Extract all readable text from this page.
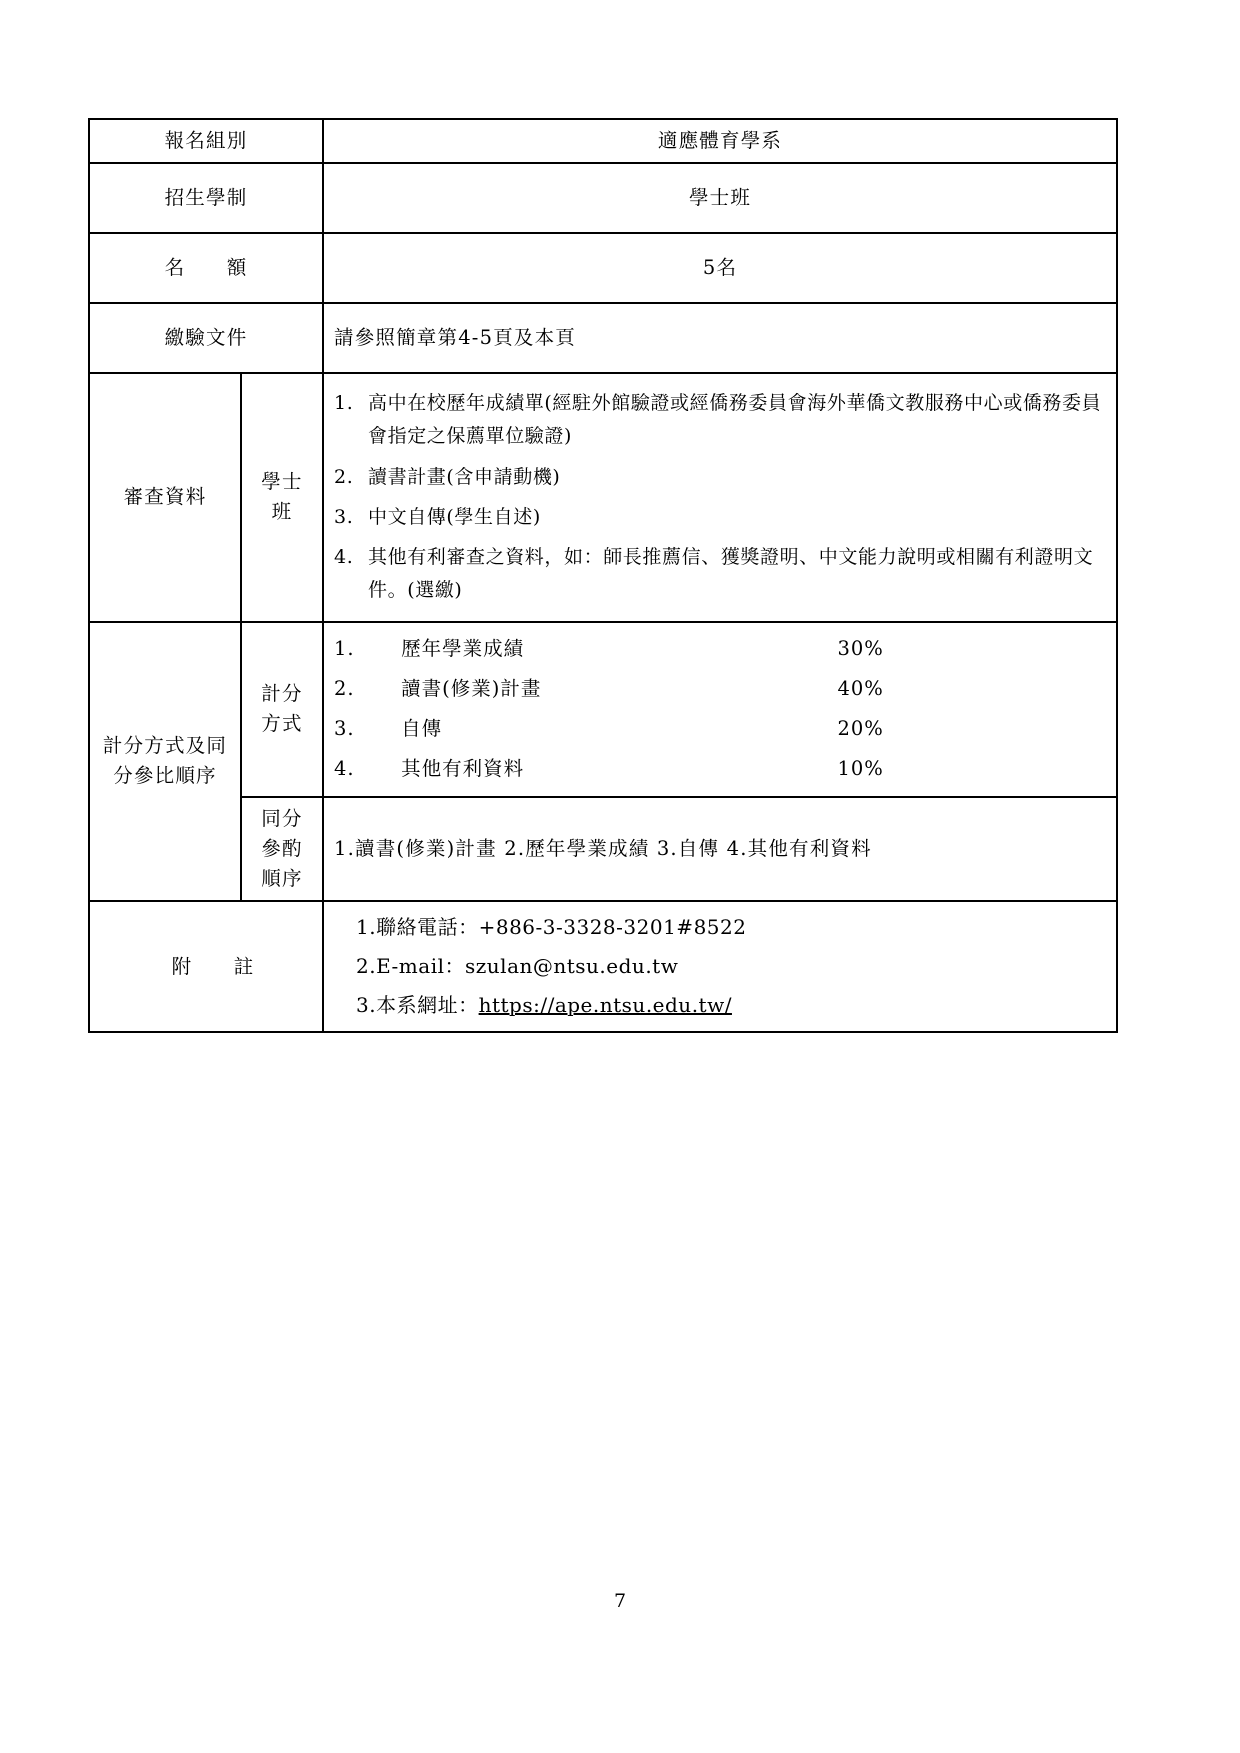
報名組別	適應體育學系
招生學制	學士班
名　　額	5名
繳驗文件	請參照簡章第4-5頁及本頁
審查資料	學士班	
1. 高中在校歷年成績單(經駐外館驗證或經僑務委員會海外華僑文教服務中心或僑務委員會指定之保薦單位驗證)
2. 讀書計畫(含申請動機)
3. 中文自傳(學生自述)
4. 其他有利審查之資料，如：師長推薦信、獲獎證明、中文能力說明或相關有利證明文件。(選繳)

計分方式及同分參比順序	計分方式	
1.	歷年學業成績	30%
2.	讀書(修業)計畫	40%
3.	自傳	20%
4.	其他有利資料	10%

同分參酌順序	1.讀書(修業)計畫 2.歷年學業成績 3.自傳 4.其他有利資料
附　　註	
1.聯絡電話：+886-3-3328-3201#8522
2.E-mail：szulan@ntsu.edu.tw
3.本系網址：https://ape.ntsu.edu.tw/
7
